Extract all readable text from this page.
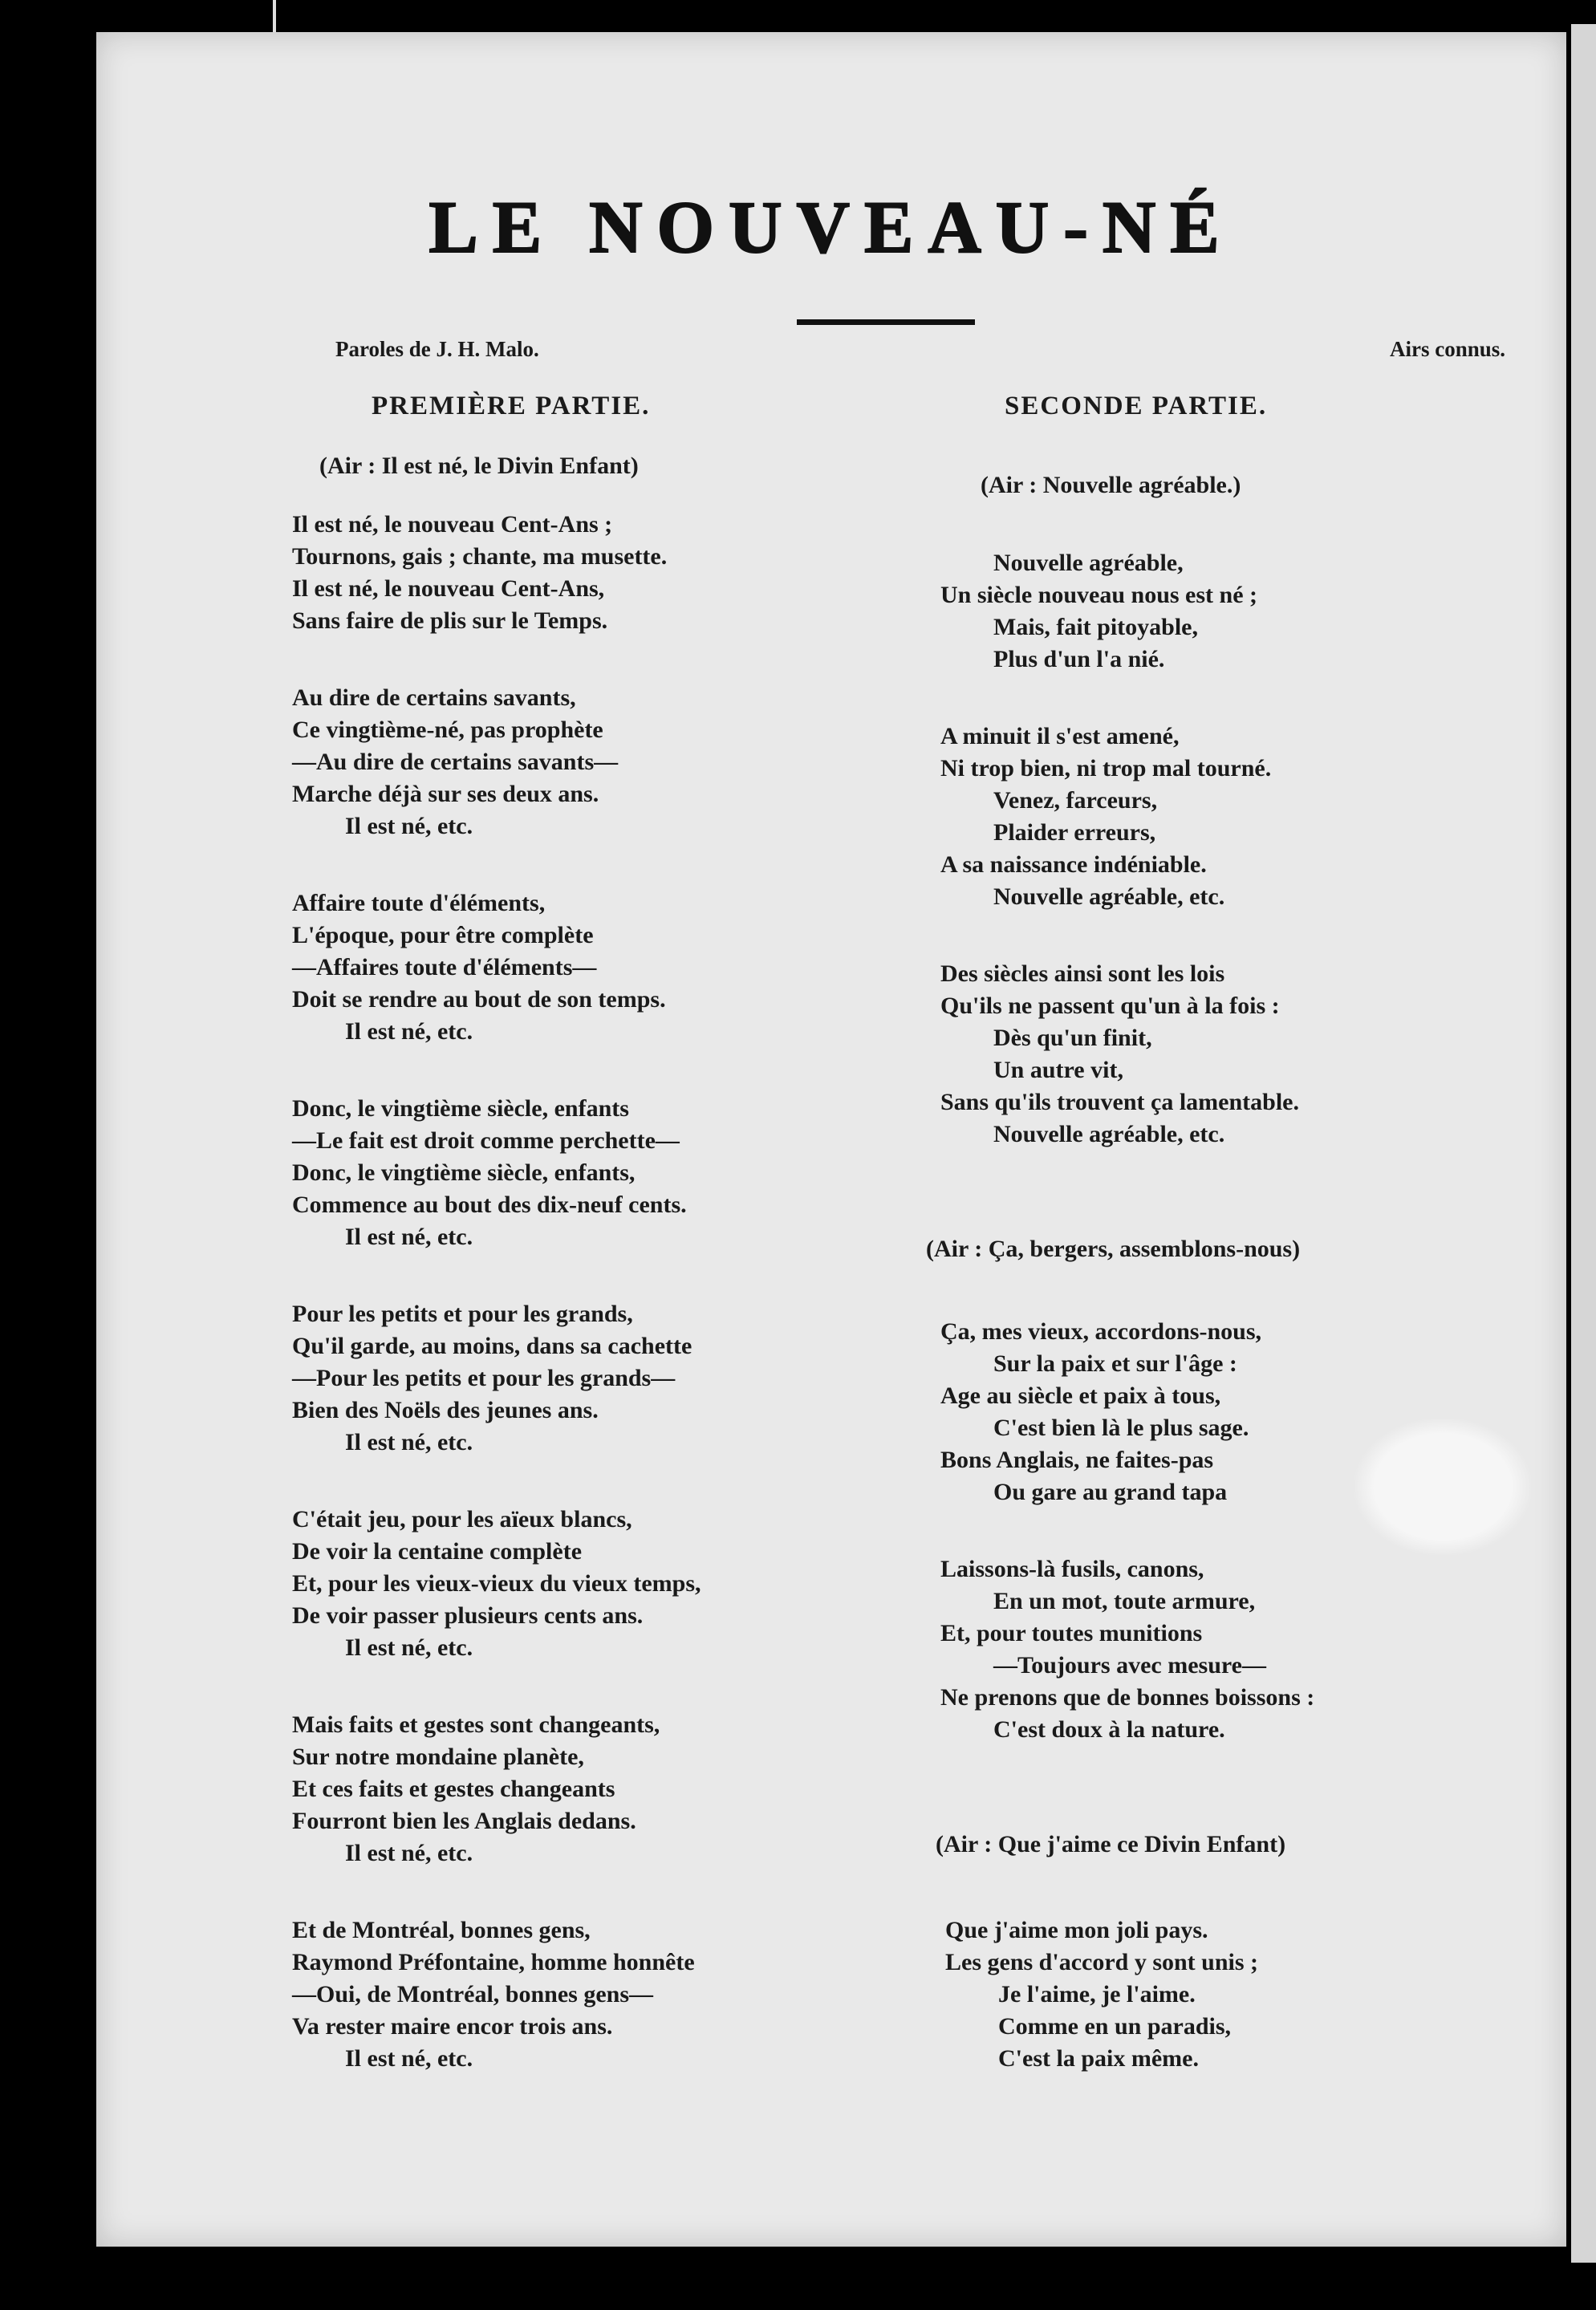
LE NOUVEAU-NÉ
Paroles de J. H. Malo.	Airs connus.
PREMIÈRE PARTIE.
(Air : Il est né, le Divin Enfant)
Il est né, le nouveau Cent-Ans ;
Tournons, gais ; chante, ma musette.
Il est né, le nouveau Cent-Ans,
Sans faire de plis sur le Temps.
Au dire de certains savants,
Ce vingtième-né, pas prophète
—Au dire de certains savants—
Marche déjà sur ses deux ans.
Il est né, etc.
Affaire toute d'éléments,
L'époque, pour être complète
—Affaires toute d'éléments—
Doit se rendre au bout de son temps.
Il est né, etc.
Donc, le vingtième siècle, enfants
—Le fait est droit comme perchette—
Donc, le vingtième siècle, enfants,
Commence au bout des dix-neuf cents.
Il est né, etc.
Pour les petits et pour les grands,
Qu'il garde, au moins, dans sa cachette
—Pour les petits et pour les grands—
Bien des Noëls des jeunes ans.
Il est né, etc.
C'était jeu, pour les aïeux blancs,
De voir la centaine complète
Et, pour les vieux-vieux du vieux temps,
De voir passer plusieurs cents ans.
Il est né, etc.
Mais faits et gestes sont changeants,
Sur notre mondaine planète,
Et ces faits et gestes changeants
Fourront bien les Anglais dedans.
Il est né, etc.
Et de Montréal, bonnes gens,
Raymond Préfontaine, homme honnête
—Oui, de Montréal, bonnes gens—
Va rester maire encor trois ans.
Il est né, etc.
SECONDE PARTIE.
(Air : Nouvelle agréable.)
Nouvelle agréable,
Un siècle nouveau nous est né ;
Mais, fait pitoyable,
Plus d'un l'a nié.
A minuit il s'est amené,
Ni trop bien, ni trop mal tourné.
Venez, farceurs,
Plaider erreurs,
A sa naissance indéniable.
Nouvelle agréable, etc.
Des siècles ainsi sont les lois
Qu'ils ne passent qu'un à la fois :
Dès qu'un finit,
Un autre vit,
Sans qu'ils trouvent ça lamentable.
Nouvelle agréable, etc.
(Air : Ça, bergers, assemblons-nous)
Ça, mes vieux, accordons-nous,
Sur la paix et sur l'âge :
Age au siècle et paix à tous,
C'est bien là le plus sage.
Bons Anglais, ne faites-pas
Ou gare au grand tapa
Laissons-là fusils, canons,
En un mot, toute armure,
Et, pour toutes munitions
—Toujours avec mesure—
Ne prenons que de bonnes boissons :
C'est doux à la nature.
(Air : Que j'aime ce Divin Enfant)
Que j'aime mon joli pays.
Les gens d'accord y sont unis ;
Je l'aime, je l'aime.
Comme en un paradis,
C'est la paix même.
